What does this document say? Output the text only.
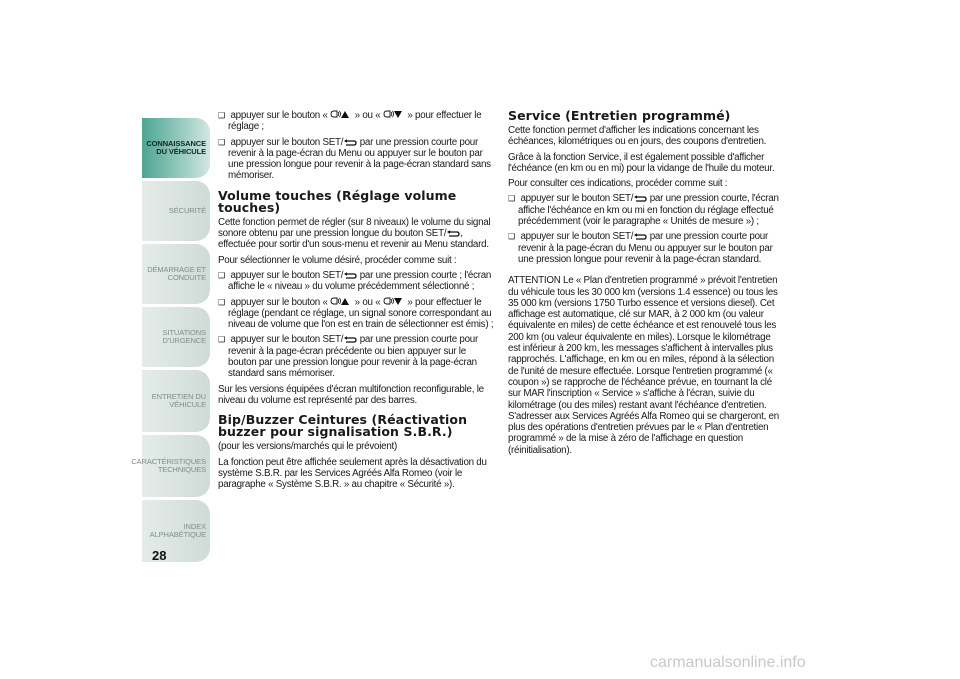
CONNAISSANCE DU VÉHICULE
SÉCURITÉ
DÉMARRAGE ET CONDUITE
SITUATIONS D'URGENCE
ENTRETIEN DU VÉHICULE
CARACTÉRISTIQUES TECHNIQUES
INDEX ALPHABÉTIQUE
28

❑ appuyer sur le bouton «	» ou «	» pour effectuer le réglage ;

❑ appuyer sur le bouton SET/ par une pression courte pour revenir à la page-écran du Menu ou appuyer sur le bouton par une pression longue pour revenir à la page-écran standard sans mémoriser.

Volume touches (Réglage volume touches)

Cette fonction permet de régler (sur 8 niveaux) le volume du signal sonore obtenu par une pression longue du bouton SET/ , effectuée pour sortir d'un sous-menu et revenir au Menu standard.

Pour sélectionner le volume désiré, procéder comme suit :

❑ appuyer sur le bouton SET/ par une pression courte ; l'écran affiche le « niveau » du volume précédemment sélectionné ;

❑ appuyer sur le bouton «	» ou «	» pour effectuer le réglage (pendant ce réglage, un signal sonore correspondant au niveau de volume que l'on est en train de sélectionner est émis) ;

❑ appuyer sur le bouton SET/ par une pression courte pour revenir à la page-écran précédente ou bien appuyer sur le bouton par une pression longue pour revenir à la page-écran standard sans mémoriser.

Sur les versions équipées d'écran multifonction reconfigurable, le niveau du volume est représenté par des barres.

Bip/Buzzer Ceintures (Réactivation buzzer pour signalisation S.B.R.)

(pour les versions/marchés qui le prévoient)

La fonction peut être affichée seulement après la désactivation du système S.B.R. par les Services Agréés Alfa Romeo (voir le paragraphe « Système S.B.R. » au chapitre « Sécurité »).

Service (Entretien programmé)

Cette fonction permet d'afficher les indications concernant les échéances, kilométriques ou en jours, des coupons d'entretien.

Grâce à la fonction Service, il est également possible d'afficher l'échéance (en km ou en mi) pour la vidange de l'huile du moteur.

Pour consulter ces indications, procéder comme suit :

❑ appuyer sur le bouton SET/ par une pression courte, l'écran affiche l'échéance en km ou mi en fonction du réglage effectué précédemment (voir le paragraphe « Unités de mesure ») ;

❑ appuyer sur le bouton SET/ par une pression courte pour revenir à la page-écran du Menu ou appuyer sur le bouton par une pression longue pour revenir à la page-écran standard.

ATTENTION Le « Plan d'entretien programmé » prévoit l'entretien du véhicule tous les 30 000 km (versions 1.4 essence) ou tous les 35 000 km (versions 1750 Turbo essence et versions diesel). Cet affichage est automatique, clé sur MAR, à 2 000 km (ou valeur équivalente en miles) de cette échéance et est renouvelé tous les 200 km (ou valeur équivalente en miles). Lorsque le kilométrage est inférieur à 200 km, les messages s'affichent à intervalles plus rapprochés. L'affichage, en km ou en miles, répond à la sélection de l'unité de mesure effectuée. Lorsque l'entretien programmé (« coupon ») se rapproche de l'échéance prévue, en tournant la clé sur MAR l'inscription « Service » s'affiche à l'écran, suivie du kilométrage (ou des miles) restant avant l'échéance d'entretien. S'adresser aux Services Agréés Alfa Romeo qui se chargeront, en plus des opérations d'entretien prévues par le « Plan d'entretien programmé » de la mise à zéro de l'affichage en question (réinitialisation).

carmanualsonline.info
